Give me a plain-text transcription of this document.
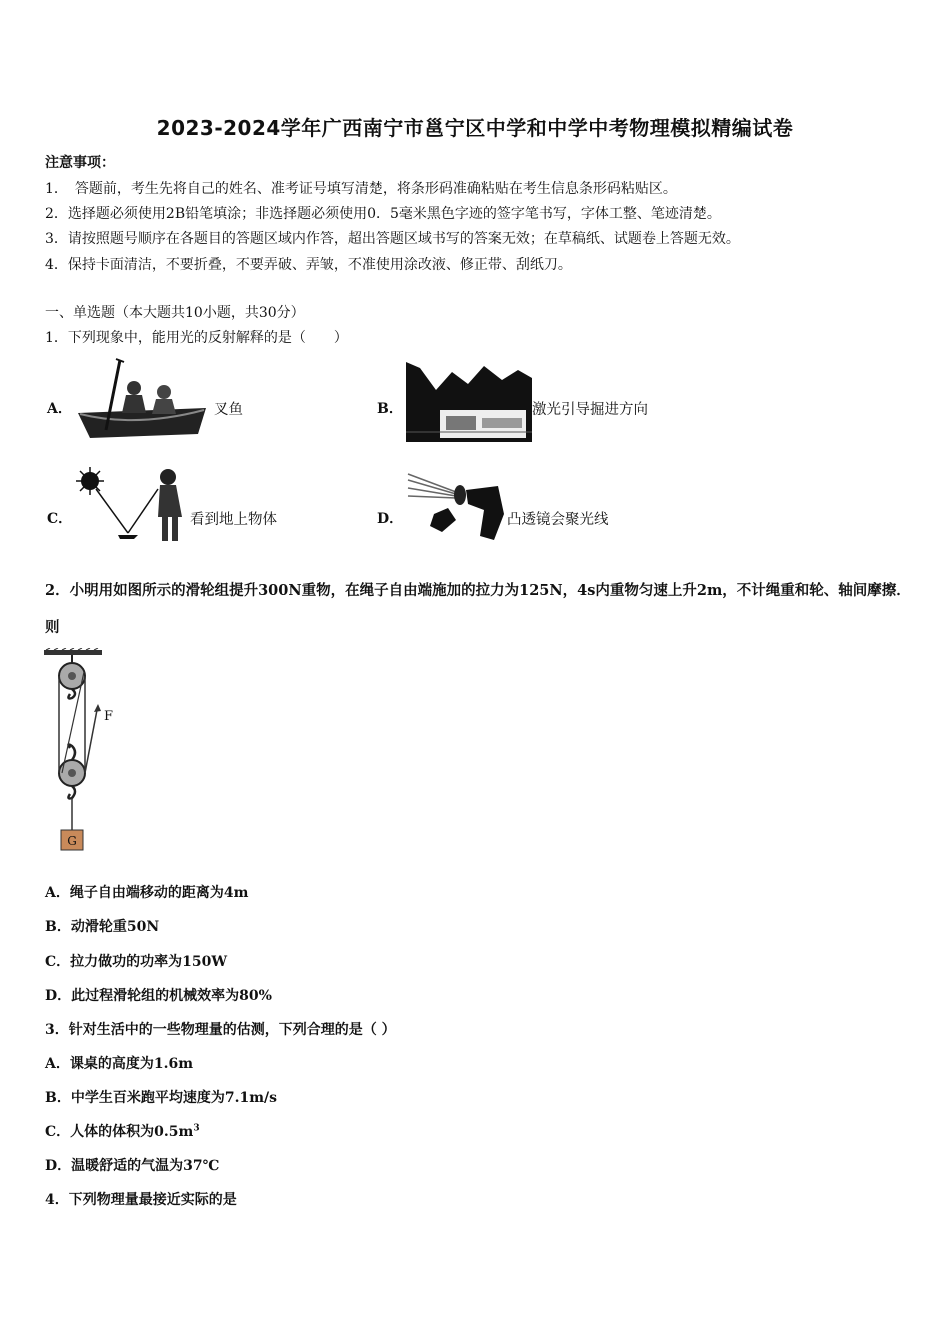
2023-2024学年广西南宁市邕宁区中学和中学中考物理模拟精编试卷
注意事项：
1．　答题前，考生先将自己的姓名、准考证号填写清楚，将条形码准确粘贴在考生信息条形码粘贴区。
2．选择题必须使用2B铅笔填涂；非选择题必须使用0．5毫米黑色字迹的签字笔书写，字体工整、笔迹清楚。
3．请按照题号顺序在各题目的答题区域内作答，超出答题区域书写的答案无效；在草稿纸、试题卷上答题无效。
4．保持卡面清洁，不要折叠，不要弄破、弄皱，不准使用涂改液、修正带、刮纸刀。
一、单选题（本大题共10小题，共30分）
1．下列现象中，能用光的反射解释的是（　　）
A．	叉鱼	B．	激光引导掘进方向
C．	看到地上物体	D．	凸透镜会聚光线
2．小明用如图所示的滑轮组提升300N重物，在绳子自由端施加的拉力为125N，4s内重物匀速上升2m，不计绳重和轮、轴间摩擦．则
G
F
A．绳子自由端移动的距离为4m
B．动滑轮重50N
C．拉力做功的功率为150W
D．此过程滑轮组的机械效率为80%
3．针对生活中的一些物理量的估测，下列合理的是（ ）
A．课桌的高度为1.6m
B．中学生百米跑平均速度为7.1m/s
C．人体的体积为$0.5m^3$
D．温暖舒适的气温为37℃
4．下列物理量最接近实际的是
